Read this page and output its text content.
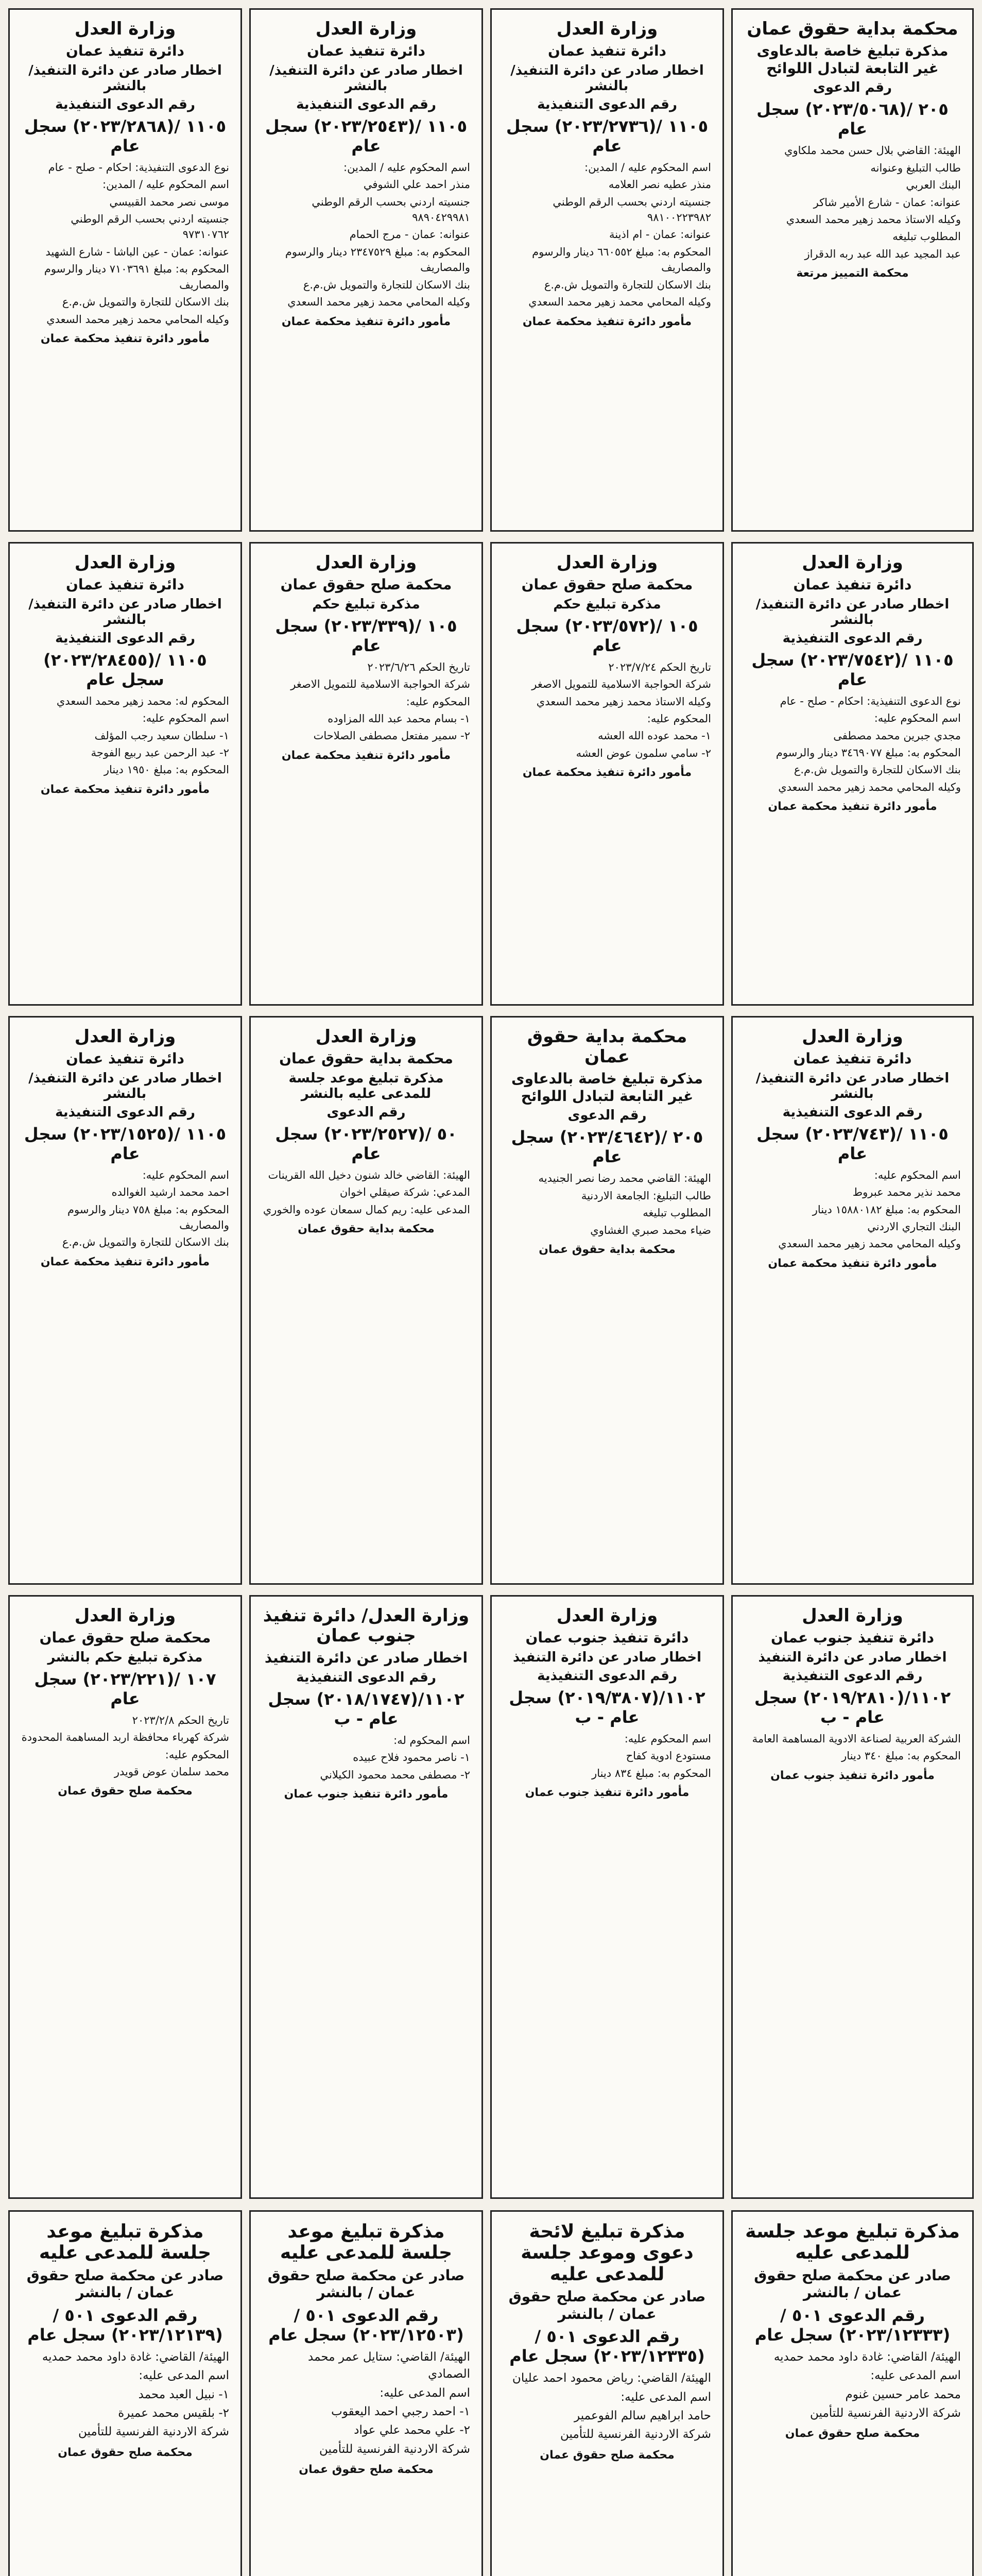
وزارة العدل
دائرة تنفيذ عمان
اخطار صادر عن دائرة التنفيذ/ بالنشر
رقم الدعوى التنفيذية
١١٠٥ /(٢٠٢٣/٢٨٦٨) سجل عام
نوع الدعوى التنفيذية: احكام - صلح - عام
اسم المحكوم عليه / المدين:
موسى نصر محمد القبيسي
جنسيته اردني بحسب الرقم الوطني ٩٧٣١٠٧٦٢
عنوانه: عمان - عين الباشا - شارع الشهيد
المحكوم به: مبلغ ٧١٠٣٦٩١ دينار والرسوم والمصاريف
بنك الاسكان للتجارة والتمويل ش.م.ع
وكيله المحامي محمد زهير محمد السعدي
مأمور دائرة تنفيذ محكمة عمان
وزارة العدل
دائرة تنفيذ عمان
اخطار صادر عن دائرة التنفيذ/ بالنشر
رقم الدعوى التنفيذية
١١٠٥ /(٢٠٢٣/٢٥٤٣) سجل عام
اسم المحكوم عليه / المدين:
منذر احمد علي الشوفي
جنسيته اردني بحسب الرقم الوطني ٩٨٩٠٤٢٩٩٨١
عنوانه: عمان - مرج الحمام
المحكوم به: مبلغ ٢٣٤٧٥٢٩ دينار والرسوم والمصاريف
بنك الاسكان للتجارة والتمويل ش.م.ع
وكيله المحامي محمد زهير محمد السعدي
مأمور دائرة تنفيذ محكمة عمان
وزارة العدل
دائرة تنفيذ عمان
اخطار صادر عن دائرة التنفيذ/ بالنشر
رقم الدعوى التنفيذية
١١٠٥ /(٢٠٢٣/٢٧٣٦) سجل عام
اسم المحكوم عليه / المدين:
منذر عطيه نصر العلامه
جنسيته اردني بحسب الرقم الوطني ٩٨١٠٠٢٢٣٩٨٢
عنوانه: عمان - ام اذينة
المحكوم به: مبلغ ٦٦٠٥٥٢ دينار والرسوم والمصاريف
بنك الاسكان للتجارة والتمويل ش.م.ع
وكيله المحامي محمد زهير محمد السعدي
مأمور دائرة تنفيذ محكمة عمان
محكمة بداية حقوق عمان
مذكرة تبليغ خاصة بالدعاوى غير التابعة لتبادل اللوائح
رقم الدعوى
٢٠٥ /(٢٠٢٣/٥٠٦٨) سجل عام
الهيئة: القاضي بلال حسن محمد ملكاوي
طالب التبليغ وعنوانه
البنك العربي
عنوانه: عمان - شارع الأمير شاكر
وكيله الاستاذ محمد زهير محمد السعدي
المطلوب تبليغه
عبد المجيد عبد الله عبد ربه الدقراز
محكمة التمييز مرتعة
وزارة العدل
دائرة تنفيذ عمان
اخطار صادر عن دائرة التنفيذ/ بالنشر
رقم الدعوى التنفيذية
١١٠٥ /(٢٠٢٣/٢٨٤٥٥) سجل عام
المحكوم له: محمد زهير محمد السعدي
اسم المحكوم عليه:
١- سلطان سعيد رجب المؤلف
٢- عبد الرحمن عبد ربيع الفوجة
المحكوم به: مبلغ ١٩٥٠ دينار
مأمور دائرة تنفيذ محكمة عمان
وزارة العدل
محكمة صلح حقوق عمان
مذكرة تبليغ حكم
١٠٥ /(٢٠٢٣/٣٣٩) سجل عام
تاريخ الحكم ٢٠٢٣/٦/٢٦
شركة الحواجبة الاسلامية للتمويل الاصغر
المحكوم عليه:
١- بسام محمد عبد الله المزاوده
٢- سمير مفتعل مصطفى الصلاحات
مأمور دائرة تنفيذ محكمة عمان
وزارة العدل
محكمة صلح حقوق عمان
مذكرة تبليغ حكم
١٠٥ /(٢٠٢٣/٥٧٢) سجل عام
تاريخ الحكم ٢٠٢٣/٧/٢٤
شركة الحواجبة الاسلامية للتمويل الاصغر
وكيله الاستاذ محمد زهير محمد السعدي
المحكوم عليه:
١- محمد عوده الله العشه
٢- سامي سلمون عوض العشه
مأمور دائرة تنفيذ محكمة عمان
وزارة العدل
دائرة تنفيذ عمان
اخطار صادر عن دائرة التنفيذ/ بالنشر
رقم الدعوى التنفيذية
١١٠٥ /(٢٠٢٣/٧٥٤٢) سجل عام
نوع الدعوى التنفيذية: احكام - صلح - عام
اسم المحكوم عليه:
مجدي جبرين محمد مصطفى
المحكوم به: مبلغ ٣٤٦٩٠٧٧ دينار والرسوم
بنك الاسكان للتجارة والتمويل ش.م.ع
وكيله المحامي محمد زهير محمد السعدي
مأمور دائرة تنفيذ محكمة عمان
وزارة العدل
دائرة تنفيذ عمان
اخطار صادر عن دائرة التنفيذ/ بالنشر
رقم الدعوى التنفيذية
١١٠٥ /(٢٠٢٣/١٥٢٥) سجل عام
اسم المحكوم عليه:
احمد محمد ارشيد الغوالده
المحكوم به: مبلغ ٧٥٨ دينار والرسوم والمصاريف
بنك الاسكان للتجارة والتمويل ش.م.ع
مأمور دائرة تنفيذ محكمة عمان
وزارة العدل
محكمة بداية حقوق عمان
مذكرة تبليغ موعد جلسة للمدعى عليه بالنشر
رقم الدعوى
٥٠ /(٢٠٢٣/٢٥٢٧) سجل عام
الهيئة: القاضي خالد شنون دخيل الله القرينات
المدعي: شركة صيقلي اخوان
المدعى عليه: ريم كمال سمعان عوده والخوري
محكمة بداية حقوق عمان
محكمة بداية حقوق عمان
مذكرة تبليغ خاصة بالدعاوى غير التابعة لتبادل اللوائح
رقم الدعوى
٢٠٥ /(٢٠٢٣/٤٦٤٢) سجل عام
الهيئة: القاضي محمد رضا نصر الجنيديه
طالب التبليغ: الجامعة الاردنية
المطلوب تبليغه
ضياء محمد صبري الغشاوي
محكمة بداية حقوق عمان
وزارة العدل
دائرة تنفيذ عمان
اخطار صادر عن دائرة التنفيذ/ بالنشر
رقم الدعوى التنفيذية
١١٠٥ /(٢٠٢٣/٧٤٣) سجل عام
اسم المحكوم عليه:
محمد نذير محمد عبروط
المحكوم به: مبلغ ١٥٨٨٠١٨٢ دينار
البنك التجاري الاردني
وكيله المحامي محمد زهير محمد السعدي
مأمور دائرة تنفيذ محكمة عمان
وزارة العدل
محكمة صلح حقوق عمان
مذكرة تبليغ حكم بالنشر
١٠٧ /(٢٠٢٣/٢٢١) سجل عام
تاريخ الحكم ٢٠٢٣/٢/٨
شركة كهرباء محافظة اربد المساهمة المحدودة
المحكوم عليه:
محمد سلمان عوض قويدر
محكمة صلح حقوق عمان
وزارة العدل/ دائرة تنفيذ جنوب عمان
اخطار صادر عن دائرة التنفيذ
رقم الدعوى التنفيذية
١١٠٢/(٢٠١٨/١٧٤٧) سجل عام - ب
اسم المحكوم له:
١- ناصر محمود فلاح عبيده
٢- مصطفى محمد محمود الكيلاني
مأمور دائرة تنفيذ جنوب عمان
وزارة العدل
دائرة تنفيذ جنوب عمان
اخطار صادر عن دائرة التنفيذ
رقم الدعوى التنفيذية
١١٠٢/(٢٠١٩/٣٨٠٧) سجل عام - ب
اسم المحكوم عليه:
مستودع ادوية كفاح
المحكوم به: مبلغ ٨٣٤ دينار
مأمور دائرة تنفيذ جنوب عمان
وزارة العدل
دائرة تنفيذ جنوب عمان
اخطار صادر عن دائرة التنفيذ
رقم الدعوى التنفيذية
١١٠٢/(٢٠١٩/٢٨١٠) سجل عام - ب
الشركة العربية لصناعة الادوية المساهمة العامة
المحكوم به: مبلغ ٣٤٠ دينار
مأمور دائرة تنفيذ جنوب عمان
مذكرة تبليغ موعد جلسة للمدعى عليه
صادر عن محكمة صلح حقوق عمان / بالنشر
رقم الدعوى ٥٠١ / (٢٠٢٣/١٢١٣٩) سجل عام
الهيئة/ القاضي: غادة داود محمد حمديه
اسم المدعى عليه:
١- نبيل العبد محمد
٢- بلقيس محمد عميرة
شركة الاردنية الفرنسية للتأمين
محكمة صلح حقوق عمان
مذكرة تبليغ موعد جلسة للمدعى عليه
صادر عن محكمة صلح حقوق عمان / بالنشر
رقم الدعوى ٥٠١ / (٢٠٢٣/١٢٥٠٣) سجل عام
الهيئة/ القاضي: ستايل عمر محمد الصمادي
اسم المدعى عليه:
١- احمد رجبي احمد اليعقوب
٢- علي محمد علي عواد
شركة الاردنية الفرنسية للتأمين
محكمة صلح حقوق عمان
مذكرة تبليغ لائحة دعوى وموعد جلسة للمدعى عليه
صادر عن محكمة صلح حقوق عمان / بالنشر
رقم الدعوى ٥٠١ / (٢٠٢٣/١٢٣٣٥) سجل عام
الهيئة/ القاضي: رياض محمود احمد عليان
اسم المدعى عليه:
حامد ابراهيم سالم الفوعمير
شركة الاردنية الفرنسية للتأمين
محكمة صلح حقوق عمان
مذكرة تبليغ موعد جلسة للمدعى عليه
صادر عن محكمة صلح حقوق عمان / بالنشر
رقم الدعوى ٥٠١ / (٢٠٢٣/١٢٣٣٣) سجل عام
الهيئة/ القاضي: غادة داود محمد حمديه
اسم المدعى عليه:
محمد عامر حسين غنوم
شركة الاردنية الفرنسية للتأمين
محكمة صلح حقوق عمان
